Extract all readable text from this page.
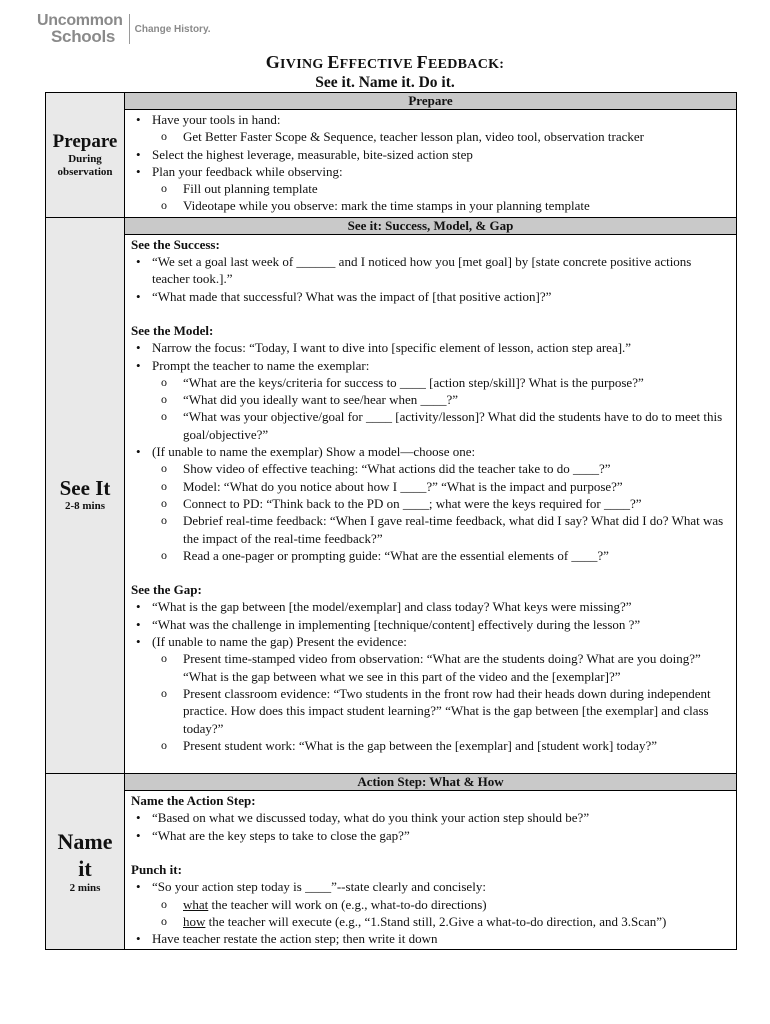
Uncommon
Schools	Change History.
GIVING EFFECTIVE FEEDBACK:
See it. Name it. Do it.
Prepare
During
observation
Prepare
• Have your tools in hand:
o Get Better Faster Scope & Sequence, teacher lesson plan, video tool, observation tracker
• Select the highest leverage, measurable, bite-sized action step
• Plan your feedback while observing:
o Fill out planning template
o Videotape while you observe: mark the time stamps in your planning template
See It
2-8 mins
See it: Success, Model, & Gap
See the Success:
• “We set a goal last week of ______ and I noticed how you [met goal] by [state concrete positive actions teacher took.].”
• “What made that successful? What was the impact of [that positive action]?”
See the Model:
• Narrow the focus: “Today, I want to dive into [specific element of lesson, action step area].”
• Prompt the teacher to name the exemplar:
o “What are the keys/criteria for success to ____ [action step/skill]? What is the purpose?”
o “What did you ideally want to see/hear when ____?”
o “What was your objective/goal for ____ [activity/lesson]? What did the students have to do to meet this goal/objective?”
• (If unable to name the exemplar) Show a model—choose one:
o Show video of effective teaching: “What actions did the teacher take to do ____?”
o Model: “What do you notice about how I ____?” “What is the impact and purpose?”
o Connect to PD: “Think back to the PD on ____; what were the keys required for ____?”
o Debrief real-time feedback: “When I gave real-time feedback, what did I say? What did I do? What was the impact of the real-time feedback?”
o Read a one-pager or prompting guide: “What are the essential elements of ____?”
See the Gap:
• “What is the gap between [the model/exemplar] and class today? What keys were missing?”
• “What was the challenge in implementing [technique/content] effectively during the lesson ?”
• (If unable to name the gap) Present the evidence:
o Present time-stamped video from observation: “What are the students doing? What are you doing?” “What is the gap between what we see in this part of the video and the [exemplar]?”
o Present classroom evidence: “Two students in the front row had their heads down during independent practice. How does this impact student learning?” “What is the gap between [the exemplar] and class today?”
o Present student work: “What is the gap between the [exemplar] and [student work] today?”
Name
it
2 mins
Action Step: What & How
Name the Action Step:
• “Based on what we discussed today, what do you think your action step should be?”
• “What are the key steps to take to close the gap?”
Punch it:
• “So your action step today is ____”--state clearly and concisely:
o what the teacher will work on (e.g., what-to-do directions)
o how the teacher will execute (e.g., “1.Stand still, 2.Give a what-to-do direction, and 3.Scan”)
• Have teacher restate the action step; then write it down
